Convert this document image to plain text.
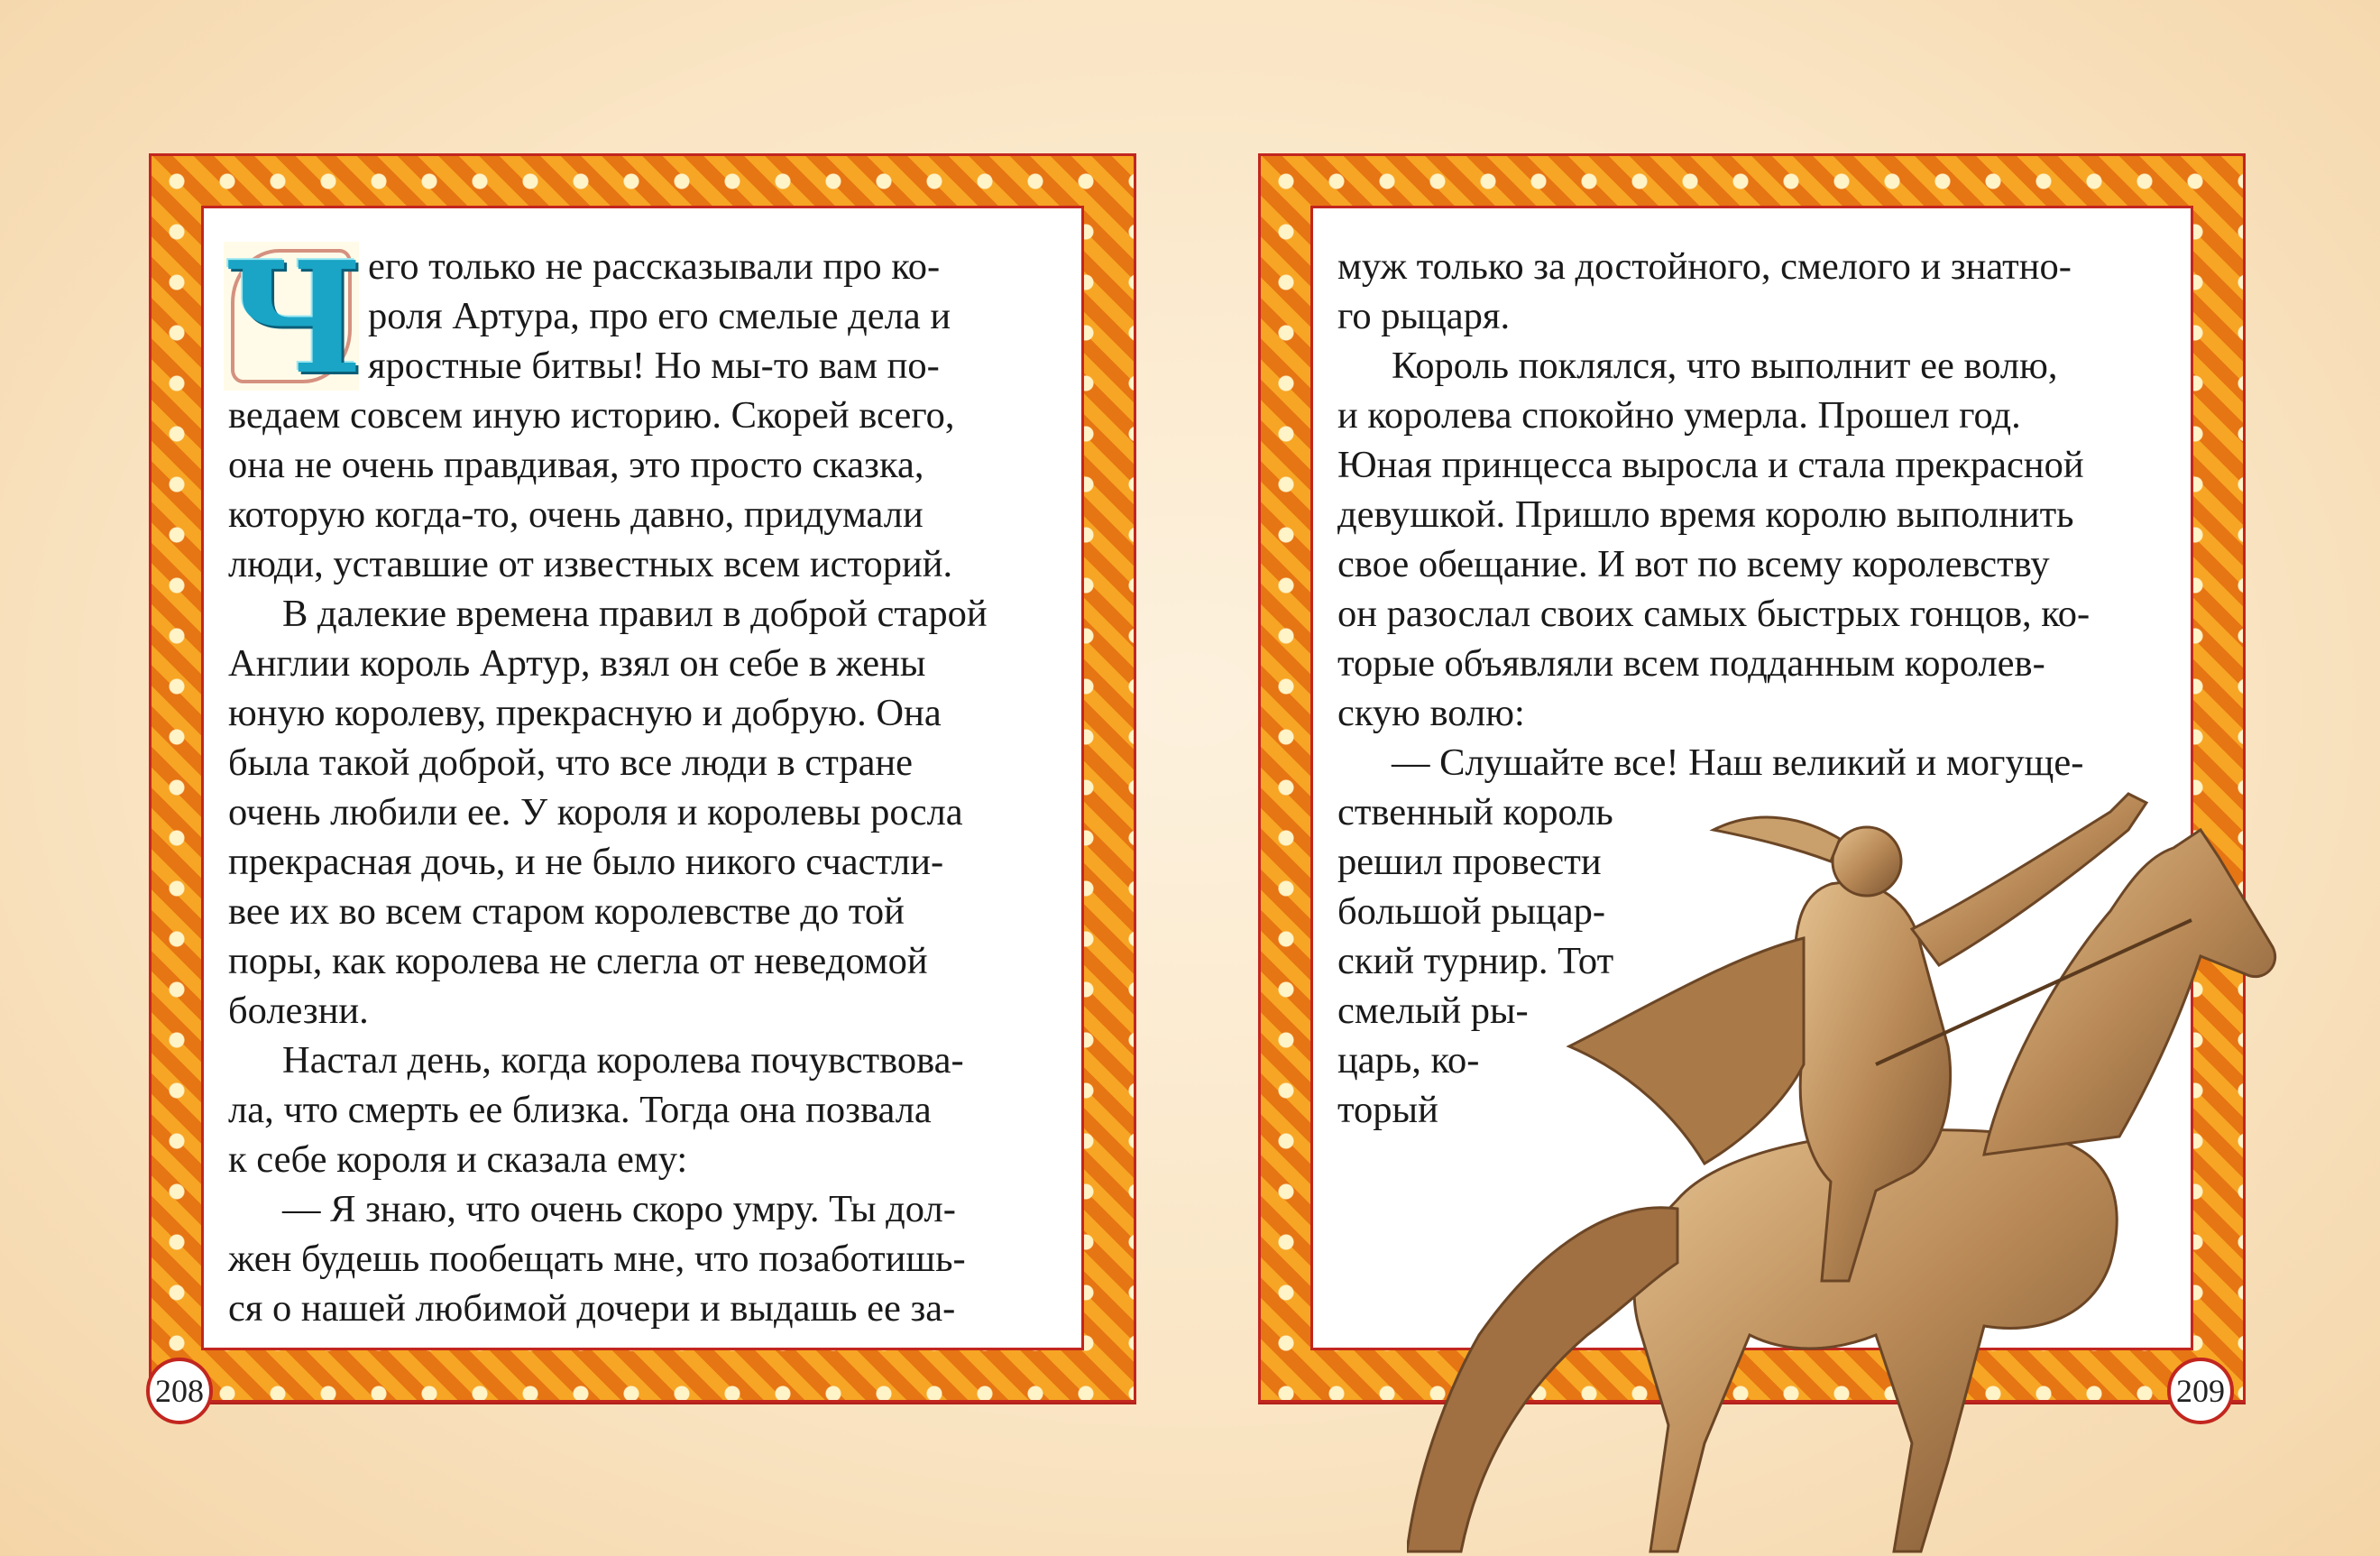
Ч его только не рассказывали про ко-

роля Артура, про его смелые дела и

яростные битвы! Но мы-то вам по-

ведаем совсем иную историю. Скорей всего,

она не очень правдивая, это просто сказка,

которую когда-то, очень давно, придумали

люди, уставшие от известных всем историй.

В далекие времена правил в доброй старой

Англии король Артур, взял он себе в жены

юную королеву, прекрасную и добрую. Она

была такой доброй, что все люди в стране

очень любили ее. У короля и королевы росла

прекрасная дочь, и не было никого счастли-

вее их во всем старом королевстве до той

поры, как королева не слегла от неведомой

болезни.

Настал день, когда королева почувствова-

ла, что смерть ее близка. Тогда она позвала

к себе короля и сказала ему:

— Я знаю, что очень скоро умру. Ты дол-

жен будешь пообещать мне, что позаботишь-

ся о нашей любимой дочери и выдашь ее за-

муж только за достойного, смелого и знатно-

го рыцаря.

Король поклялся, что выполнит ее волю,

и королева спокойно умерла. Прошел год.

Юная принцесса выросла и стала прекрасной

девушкой. Пришло время королю выполнить

свое обещание. И вот по всему королевству

он разослал своих самых быстрых гонцов, ко-

торые объявляли всем подданным королев-

скую волю:

— Слушайте все! Наш великий и могуще-

ственный король

решил провести

большой рыцар-

ский турнир. Тот

смелый ры-

царь, ко-

торый

208	209
